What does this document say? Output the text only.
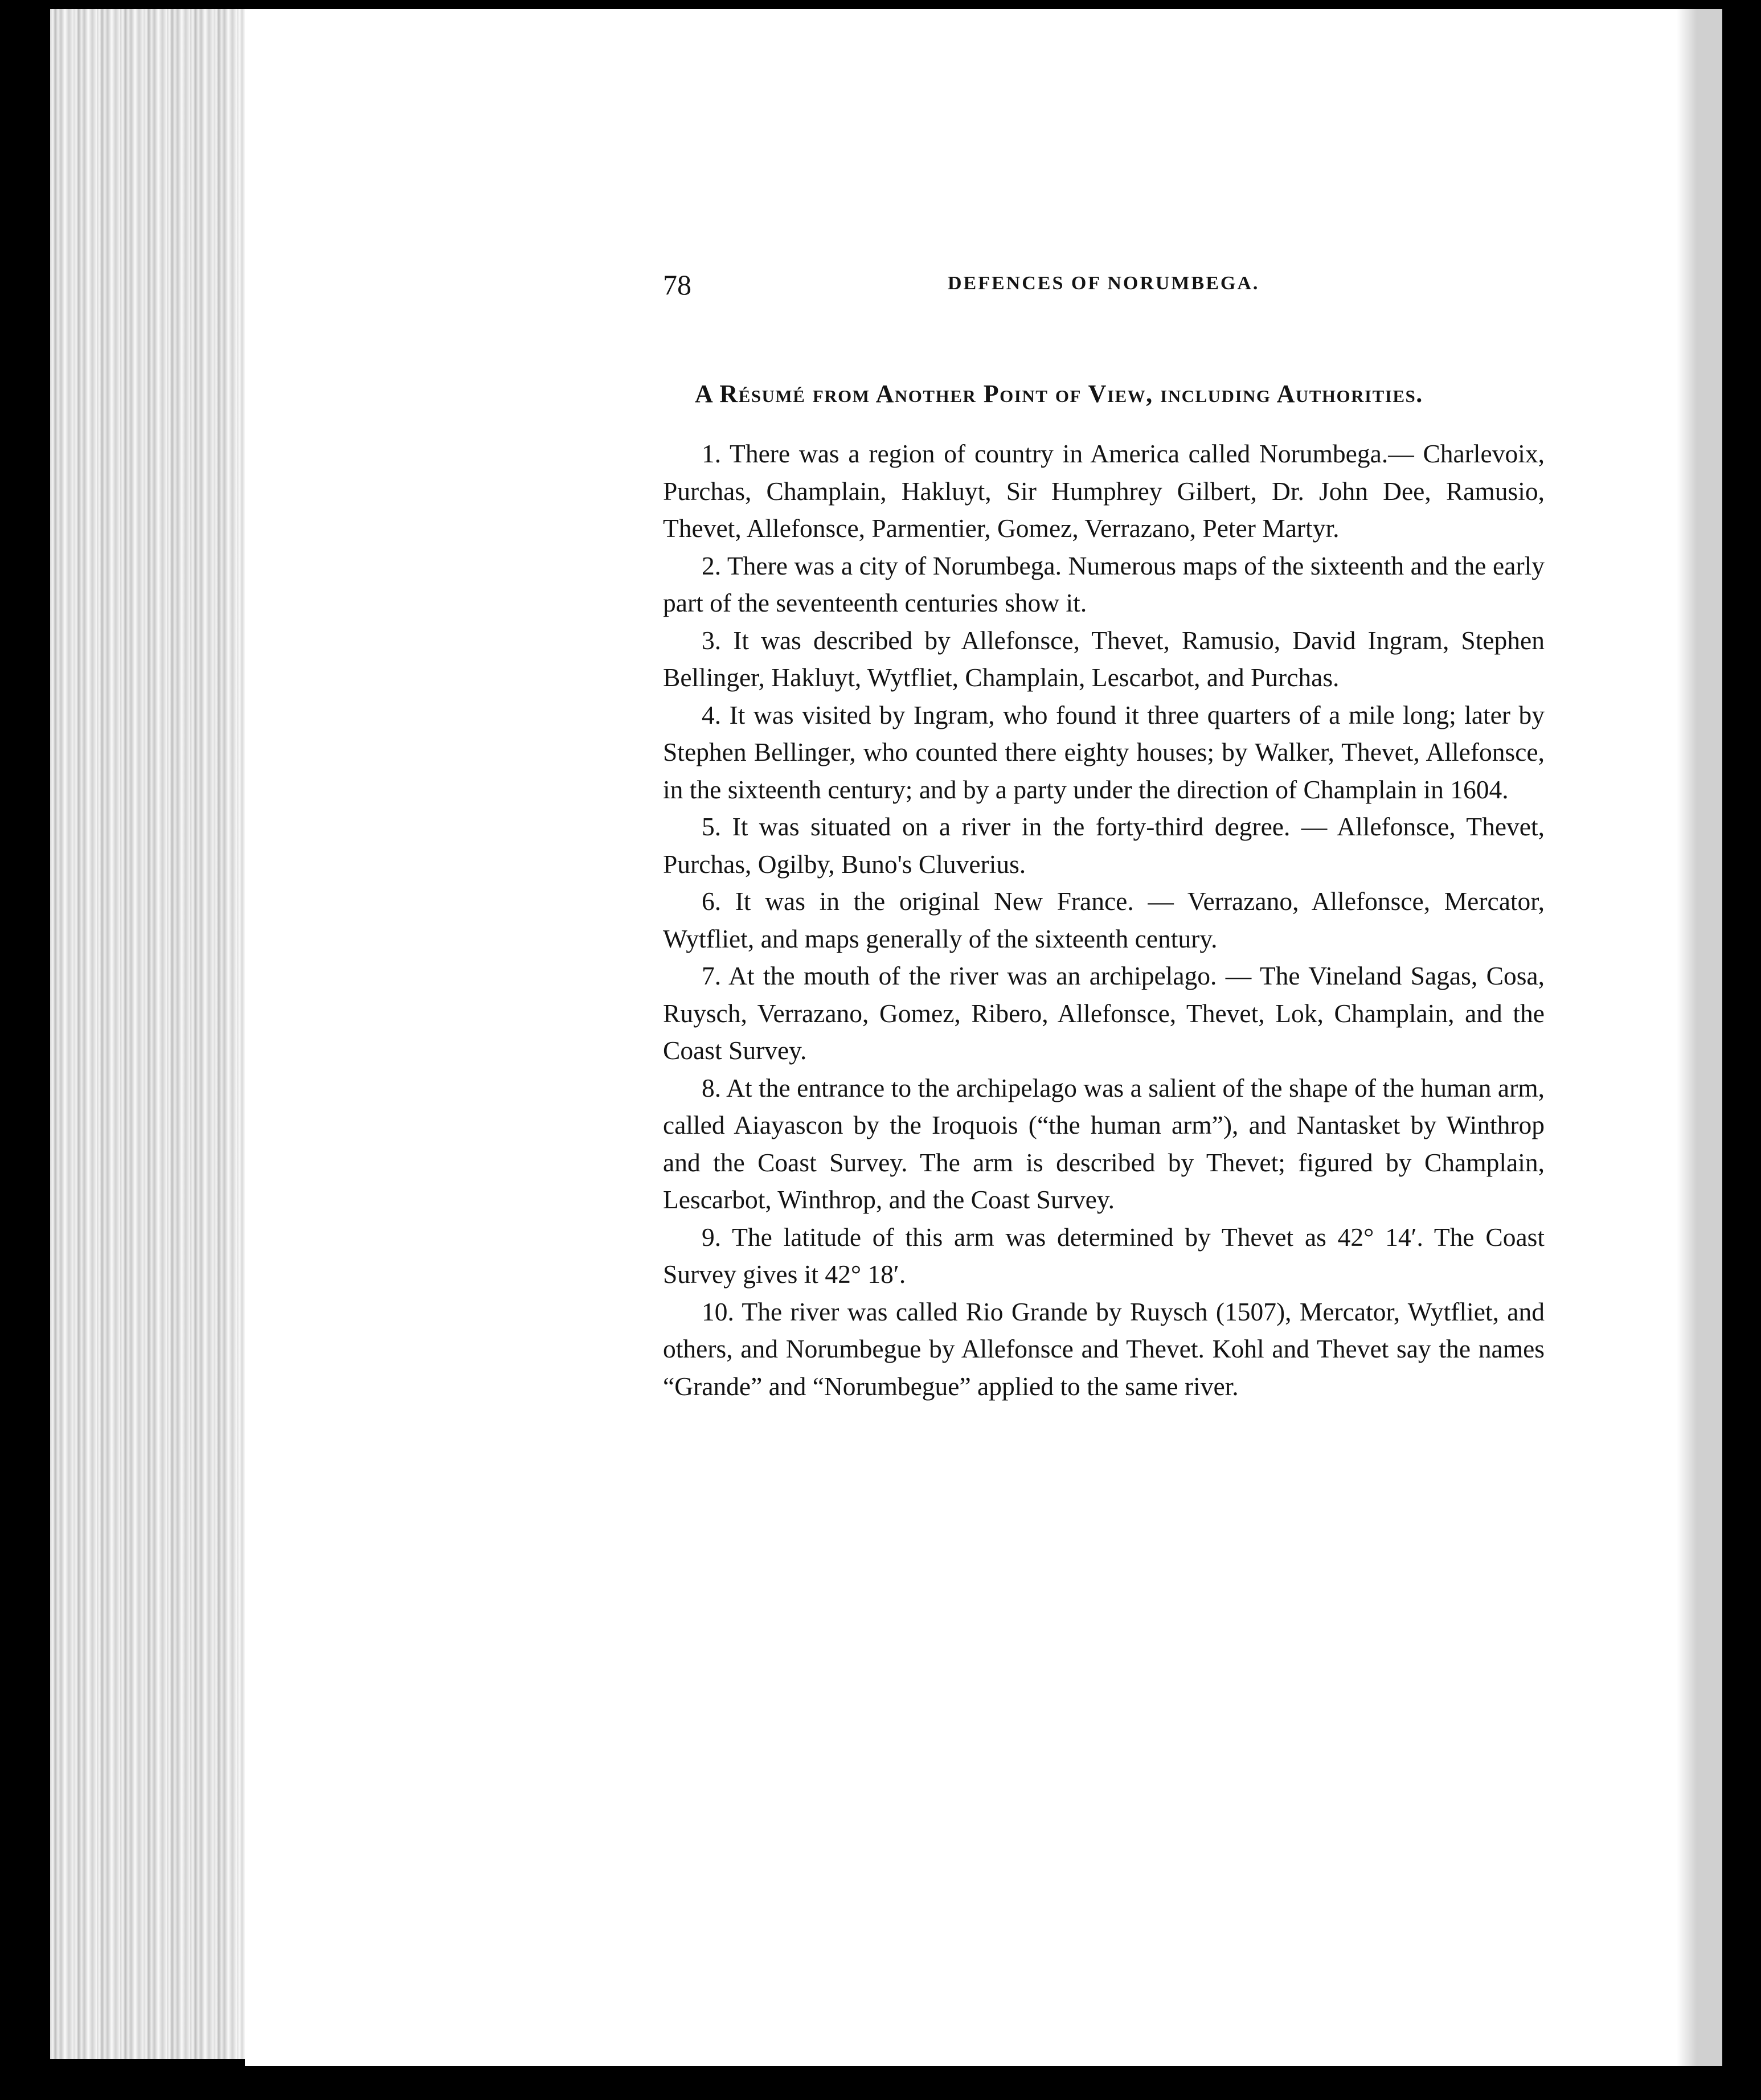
78	DEFENCES OF NORUMBEGA.

A Résumé from Another Point of View, including Authorities.
1. There was a region of country in America called Norumbega.— Charlevoix, Purchas, Champlain, Hakluyt, Sir Humphrey Gilbert, Dr. John Dee, Ramusio, Thevet, Allefonsce, Parmentier, Gomez, Verrazano, Peter Martyr.
2. There was a city of Norumbega. Numerous maps of the sixteenth and the early part of the seventeenth centuries show it.
3. It was described by Allefonsce, Thevet, Ramusio, David Ingram, Stephen Bellinger, Hakluyt, Wytfliet, Champlain, Lescarbot, and Purchas.
4. It was visited by Ingram, who found it three quarters of a mile long; later by Stephen Bellinger, who counted there eighty houses; by Walker, Thevet, Allefonsce, in the sixteenth century; and by a party under the direction of Champlain in 1604.
5. It was situated on a river in the forty-third degree. — Allefonsce, Thevet, Purchas, Ogilby, Buno's Cluverius.
6. It was in the original New France. — Verrazano, Allefonsce, Mercator, Wytfliet, and maps generally of the sixteenth century.
7. At the mouth of the river was an archipelago. — The Vineland Sagas, Cosa, Ruysch, Verrazano, Gomez, Ribero, Allefonsce, Thevet, Lok, Champlain, and the Coast Survey.
8. At the entrance to the archipelago was a salient of the shape of the human arm, called Aiayascon by the Iroquois (“the human arm”), and Nantasket by Winthrop and the Coast Survey. The arm is described by Thevet; figured by Champlain, Lescarbot, Winthrop, and the Coast Survey.
9. The latitude of this arm was determined by Thevet as 42° 14′. The Coast Survey gives it 42° 18′.
10. The river was called Rio Grande by Ruysch (1507), Mercator, Wytfliet, and others, and Norumbegue by Allefonsce and Thevet. Kohl and Thevet say the names “Grande” and “Norumbegue” applied to the same river.
